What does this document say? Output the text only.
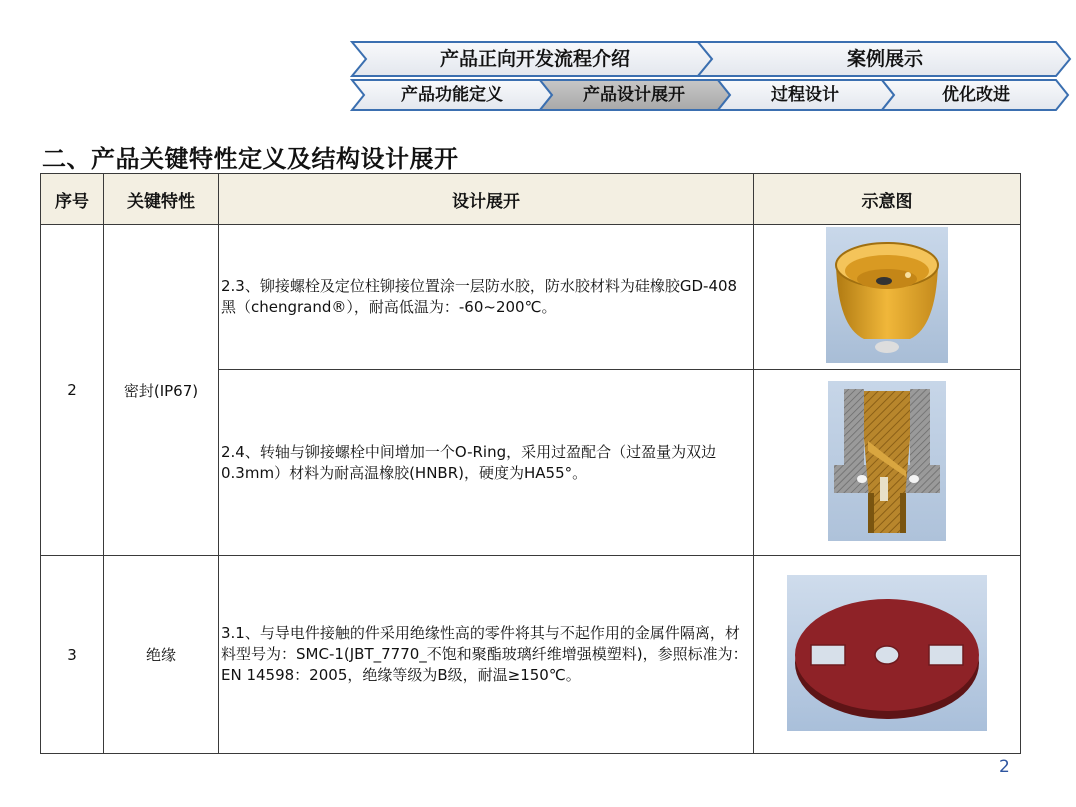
产品正向开发流程介绍	案例展示
产品功能定义	产品设计展开	过程设计	优化改进
二、产品关键特性定义及结构设计展开
序号	关键特性	设计展开	示意图
2	密封(IP67)	2.3、铆接螺栓及定位柱铆接位置涂一层防水胶，防水胶材料为硅橡胶GD-408黑（chengrand®），耐高低温为：-60~200℃。	
		2.4、转轴与铆接螺栓中间增加一个O-Ring，采用过盈配合（过盈量为双边0.3mm）材料为耐高温橡胶(HNBR)，硬度为HA55°。	
3	绝缘	3.1、与导电件接触的件采用绝缘性高的零件将其与不起作用的金属件隔离，材料型号为：SMC-1(JBT_7770_不饱和聚酯玻璃纤维增强模塑料)，参照标准为：EN 14598：2005，绝缘等级为B级，耐温≥150℃。	
2
